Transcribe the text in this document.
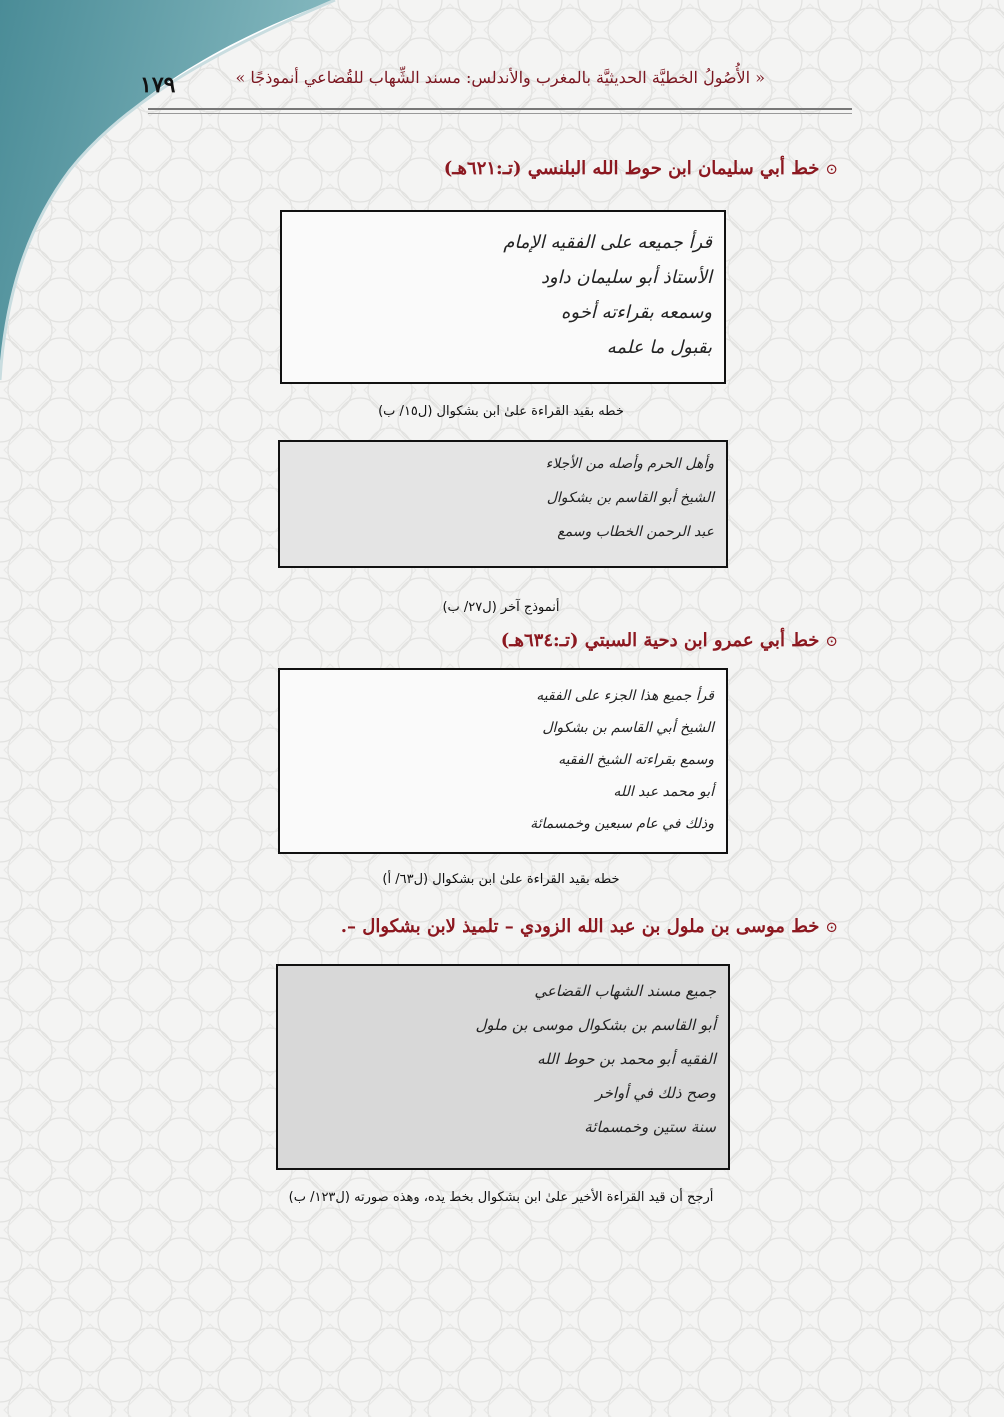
« الأُصُولُ الخطيَّة الحديثيَّة بالمغرب والأندلس: مسند الشِّهاب للقُضاعي أنموذجًا »
١٧٩
⊙خط أبي سليمان ابن حوط الله البلنسي (تـ:٦٢١هـ)
قرأ جميعه على الفقيه الإمام
الأستاذ أبو سليمان داود
وسمعه بقراءته أخوه
بقبول ما علمه
خطه بقيد القراءة علىٰ ابن بشكوال (ل١٥/ ب)
وأهل الحرم وأصله من الأجلاء
الشيخ أبو القاسم بن بشكوال
عبد الرحمن الخطاب وسمع
أنموذج آخر (ل٢٧/ ب)
⊙خط أبي عمرو ابن دحية السبتي (تـ:٦٣٤هـ)
قرأ جميع هذا الجزء على الفقيه
الشيخ أبي القاسم بن بشكوال
وسمع بقراءته الشيخ الفقيه
أبو محمد عبد الله
وذلك في عام سبعين وخمسمائة
خطه بقيد القراءة علىٰ ابن بشكوال (ل٦٣/ أ)
⊙خط موسى بن ملول بن عبد الله الزودي – تلميذ لابن بشكوال –.
جميع مسند الشهاب القضاعي
أبو القاسم بن بشكوال موسى بن ملول
الفقيه أبو محمد بن حوط الله
وصح ذلك في أواخر
سنة ستين وخمسمائة
أرجح أن قيد القراءة الأخير علىٰ ابن بشكوال بخط يده، وهذه صورته (ل١٢٣/ ب)
